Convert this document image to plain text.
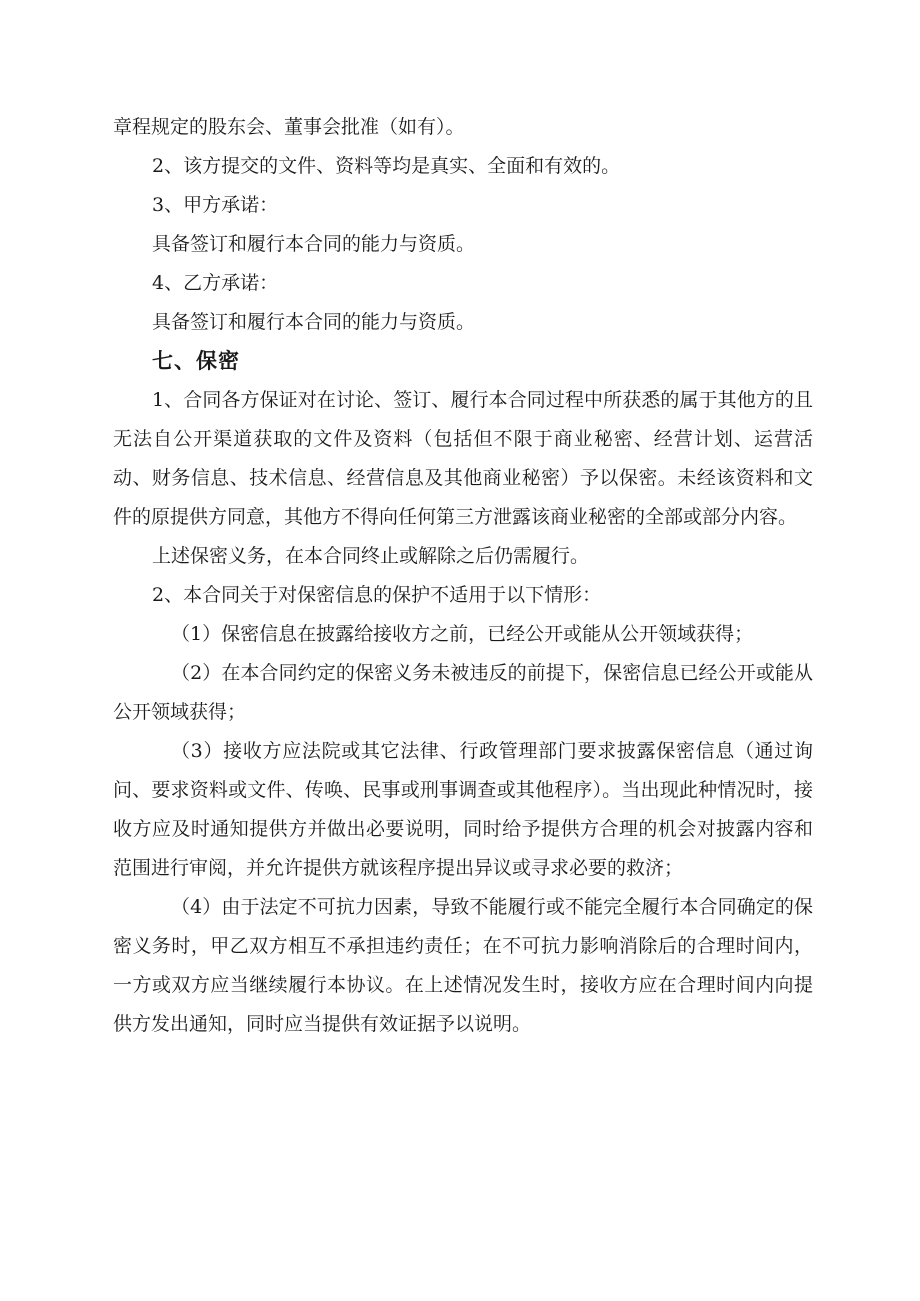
章程规定的股东会、董事会批准（如有）。

2、该方提交的文件、资料等均是真实、全面和有效的。

3、甲方承诺：

具备签订和履行本合同的能力与资质。

4、乙方承诺：

具备签订和履行本合同的能力与资质。

七、保密

1、合同各方保证对在讨论、签订、履行本合同过程中所获悉的属于其他方的且无法自公开渠道获取的文件及资料（包括但不限于商业秘密、经营计划、运营活动、财务信息、技术信息、经营信息及其他商业秘密）予以保密。未经该资料和文件的原提供方同意，其他方不得向任何第三方泄露该商业秘密的全部或部分内容。

上述保密义务，在本合同终止或解除之后仍需履行。

2、本合同关于对保密信息的保护不适用于以下情形：

（1）保密信息在披露给接收方之前，已经公开或能从公开领域获得；

（2）在本合同约定的保密义务未被违反的前提下，保密信息已经公开或能从公开领域获得；

（3）接收方应法院或其它法律、行政管理部门要求披露保密信息（通过询问、要求资料或文件、传唤、民事或刑事调查或其他程序）。当出现此种情况时，接收方应及时通知提供方并做出必要说明，同时给予提供方合理的机会对披露内容和范围进行审阅，并允许提供方就该程序提出异议或寻求必要的救济；

（4）由于法定不可抗力因素，导致不能履行或不能完全履行本合同确定的保密义务时，甲乙双方相互不承担违约责任；在不可抗力影响消除后的合理时间内，一方或双方应当继续履行本协议。在上述情况发生时，接收方应在合理时间内向提供方发出通知，同时应当提供有效证据予以说明。
